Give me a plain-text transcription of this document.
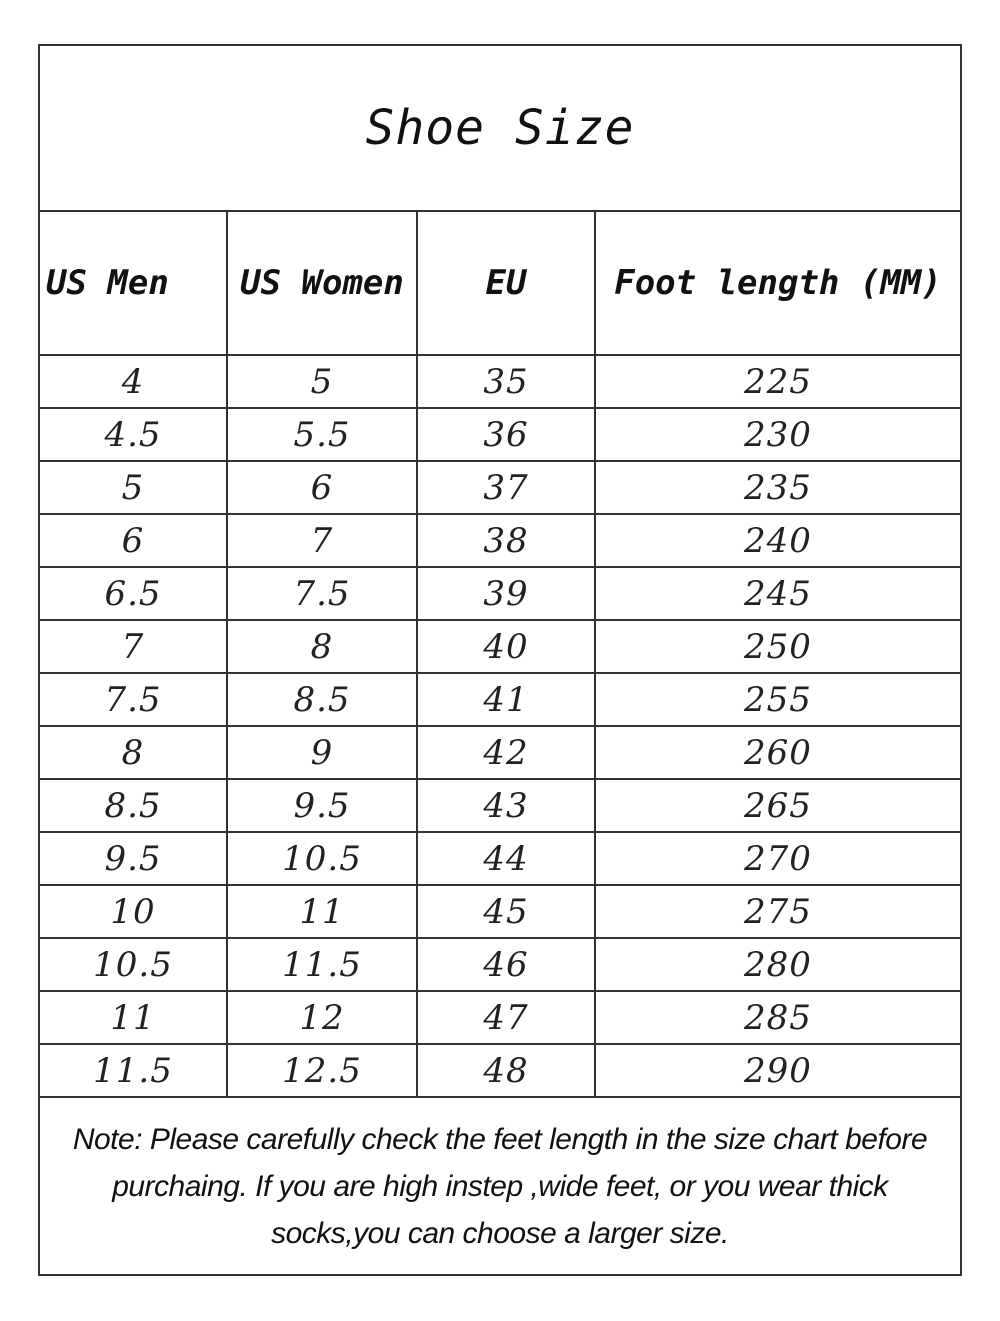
Shoe Size
US Men	US Women	EU	Foot length (MM)
4	5	35	225
4.5	5.5	36	230
5	6	37	235
6	7	38	240
6.5	7.5	39	245
7	8	40	250
7.5	8.5	41	255
8	9	42	260
8.5	9.5	43	265
9.5	10.5	44	270
10	11	45	275
10.5	11.5	46	280
11	12	47	285
11.5	12.5	48	290
Note: Please carefully check the feet length in the size chart before purchaing. If you are high instep ,wide feet, or you wear thick socks,you can choose a larger size.
